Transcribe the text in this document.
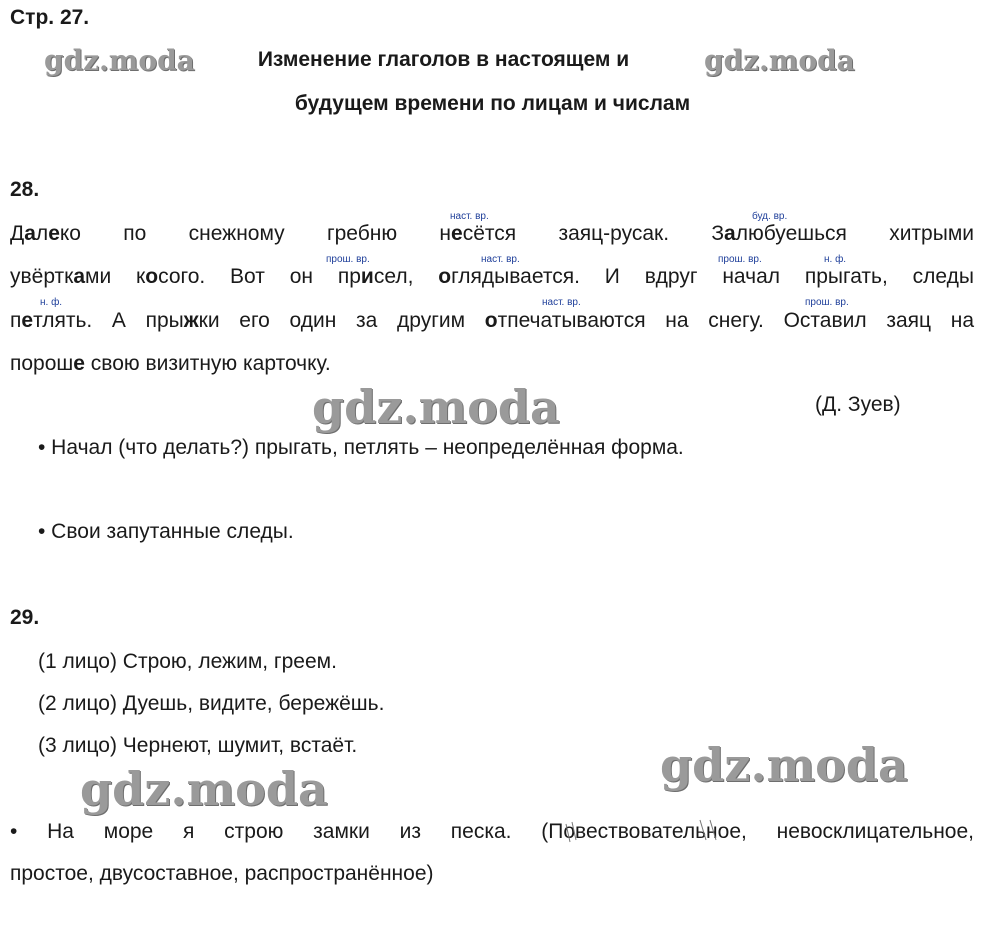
Стр. 27.
Изменение глаголов в настоящем и
будущем времени по лицам и числам
28.
Далеко по снежному гребню несётся заяц-русак. Залюбуешься хитрыми
увёртками косого. Вот он присел, оглядывается. И вдруг начал прыгать, следы
петлять. А прыжки его один за другим отпечатываются на снегу. Оставил заяц на
пороше свою визитную карточку.
наст. вр.	буд. вр.
прош. вр.	наст. вр.	прош. вр.	н. ф.
н. ф.	наст. вр.	прош. вр.
(Д. Зуев)
• Начал (что делать?) прыгать, петлять – неопределённая форма.
• Свои запутанные следы.
29.
(1 лицо) Строю, лежим, греем.
(2 лицо) Дуешь, видите, бережёшь.
(3 лицо) Чернеют, шумит, встаёт.
• На море я строю замки из песка. (Повествовательное, невосклицательное,
простое, двусоставное, распространённое)
gdz.moda	gdz.moda
gdz.moda
gdz.moda
gdz.moda
